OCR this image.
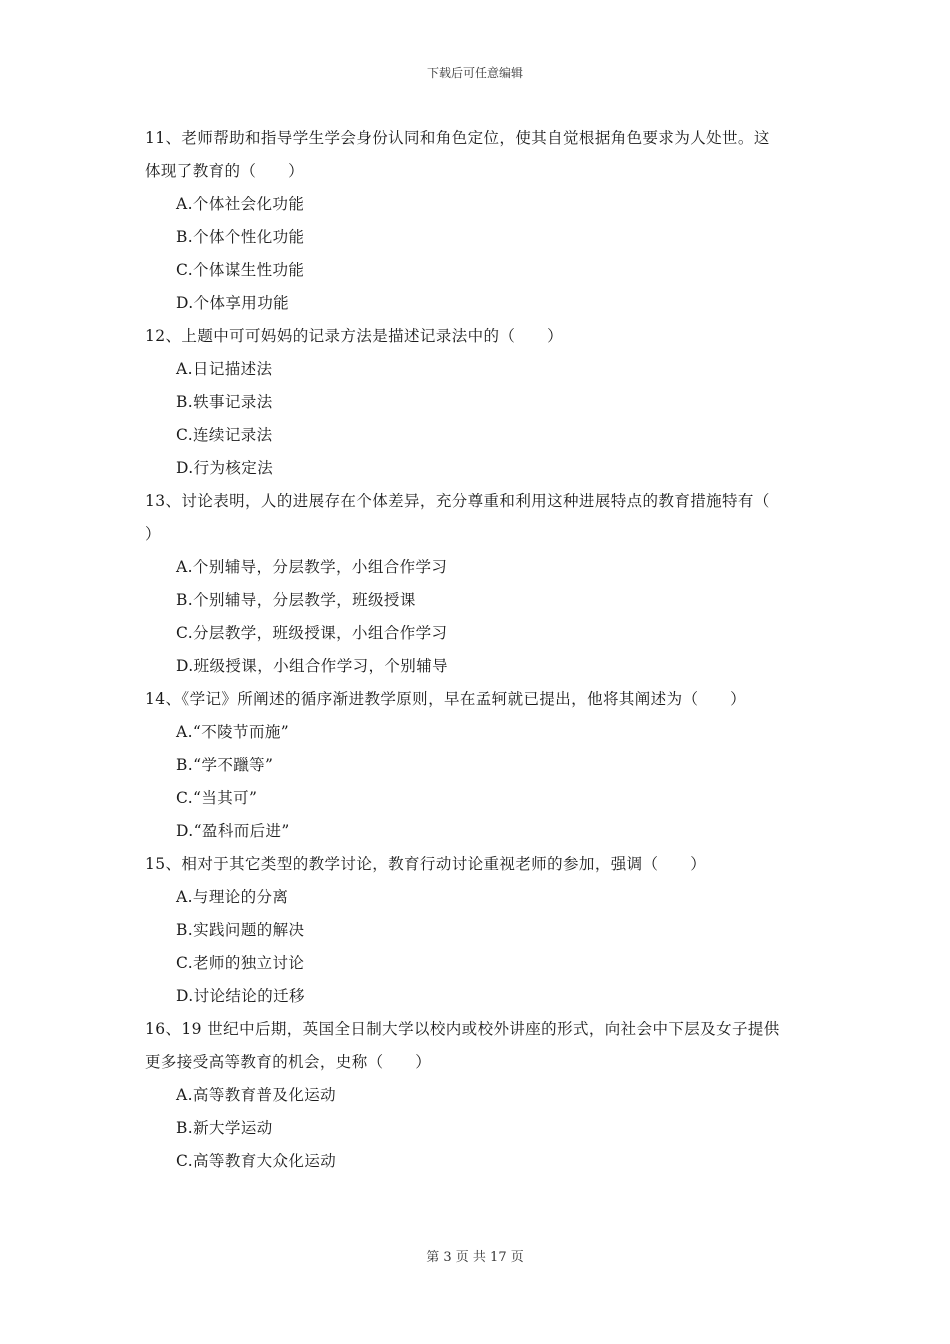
下载后可任意编辑

11、老师帮助和指导学生学会身份认同和角色定位，使其自觉根据角色要求为人处世。这

体现了教育的（　　）

A.个体社会化功能

B.个体个性化功能

C.个体谋生性功能

D.个体享用功能

12、上题中可可妈妈的记录方法是描述记录法中的（　　）

A.日记描述法

B.轶事记录法

C.连续记录法

D.行为核定法

13、讨论表明，人的进展存在个体差异，充分尊重和利用这种进展特点的教育措施特有（

）

A.个别辅导，分层教学，小组合作学习

B.个别辅导，分层教学，班级授课

C.分层教学，班级授课，小组合作学习

D.班级授课，小组合作学习，个别辅导

14、《学记》所阐述的循序渐进教学原则，早在孟轲就已提出，他将其阐述为（　　）

A.“不陵节而施”

B.“学不躐等”

C.“当其可”

D.“盈科而后进”

15、相对于其它类型的教学讨论，教育行动讨论重视老师的参加，强调（　　）

A.与理论的分离

B.实践问题的解决

C.老师的独立讨论

D.讨论结论的迁移

16、19 世纪中后期，英国全日制大学以校内或校外讲座的形式，向社会中下层及女子提供

更多接受高等教育的机会，史称（　　）

A.高等教育普及化运动

B.新大学运动

C.高等教育大众化运动

第 3 页 共 17 页
